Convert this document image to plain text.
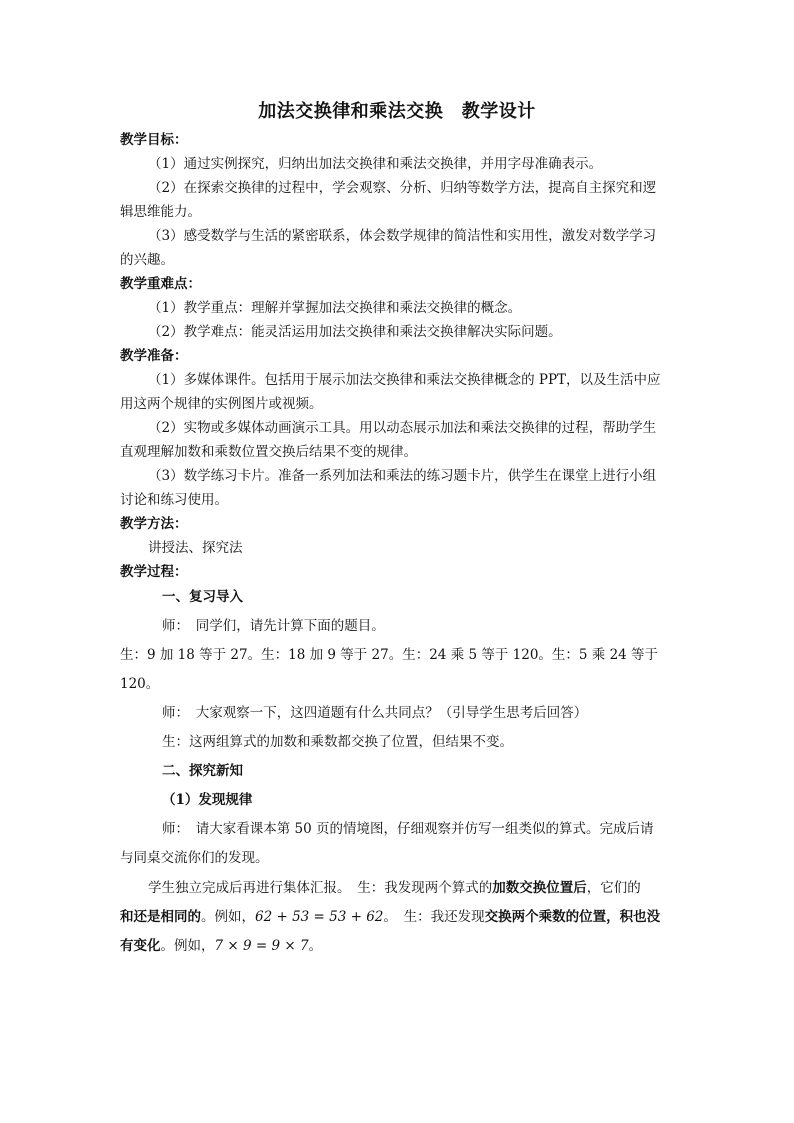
加法交换律和乘法交换　教学设计
教学目标：
（1）通过实例探究，归纳出加法交换律和乘法交换律，并用字母准确表示。
（2）在探索交换律的过程中，学会观察、分析、归纳等数学方法，提高自主探究和逻
辑思维能力。
（3）感受数学与生活的紧密联系，体会数学规律的简洁性和实用性，激发对数学学习
的兴趣。
教学重难点：
（1）教学重点：理解并掌握加法交换律和乘法交换律的概念。
（2）教学难点：能灵活运用加法交换律和乘法交换律解决实际问题。
教学准备：
（1）多媒体课件。包括用于展示加法交换律和乘法交换律概念的 PPT，以及生活中应
用这两个规律的实例图片或视频。
（2）实物或多媒体动画演示工具。用以动态展示加法和乘法交换律的过程，帮助学生
直观理解加数和乘数位置交换后结果不变的规律。
（3）数学练习卡片。准备一系列加法和乘法的练习题卡片，供学生在课堂上进行小组
讨论和练习使用。
教学方法：
讲授法、探究法
教学过程：
一、复习导入
师：　同学们，请先计算下面的题目。
生：9 加 18 等于 27。生：18 加 9 等于 27。生：24 乘 5 等于 120。生：5 乘 24 等于
120。
师：　大家观察一下，这四道题有什么共同点？（引导学生思考后回答）
生：这两组算式的加数和乘数都交换了位置，但结果不变。
二、探究新知
（1）发现规律
师：　请大家看课本第 50 页的情境图，仔细观察并仿写一组类似的算式。完成后请
与同桌交流你们的发现。
学生独立完成后再进行集体汇报。　生：我发现两个算式的加数交换位置后，它们的
和还是相同的。例如，62 + 53 = 53 + 62。　生：我还发现交换两个乘数的位置，积也没
有变化。例如，7 × 9 = 9 × 7。
